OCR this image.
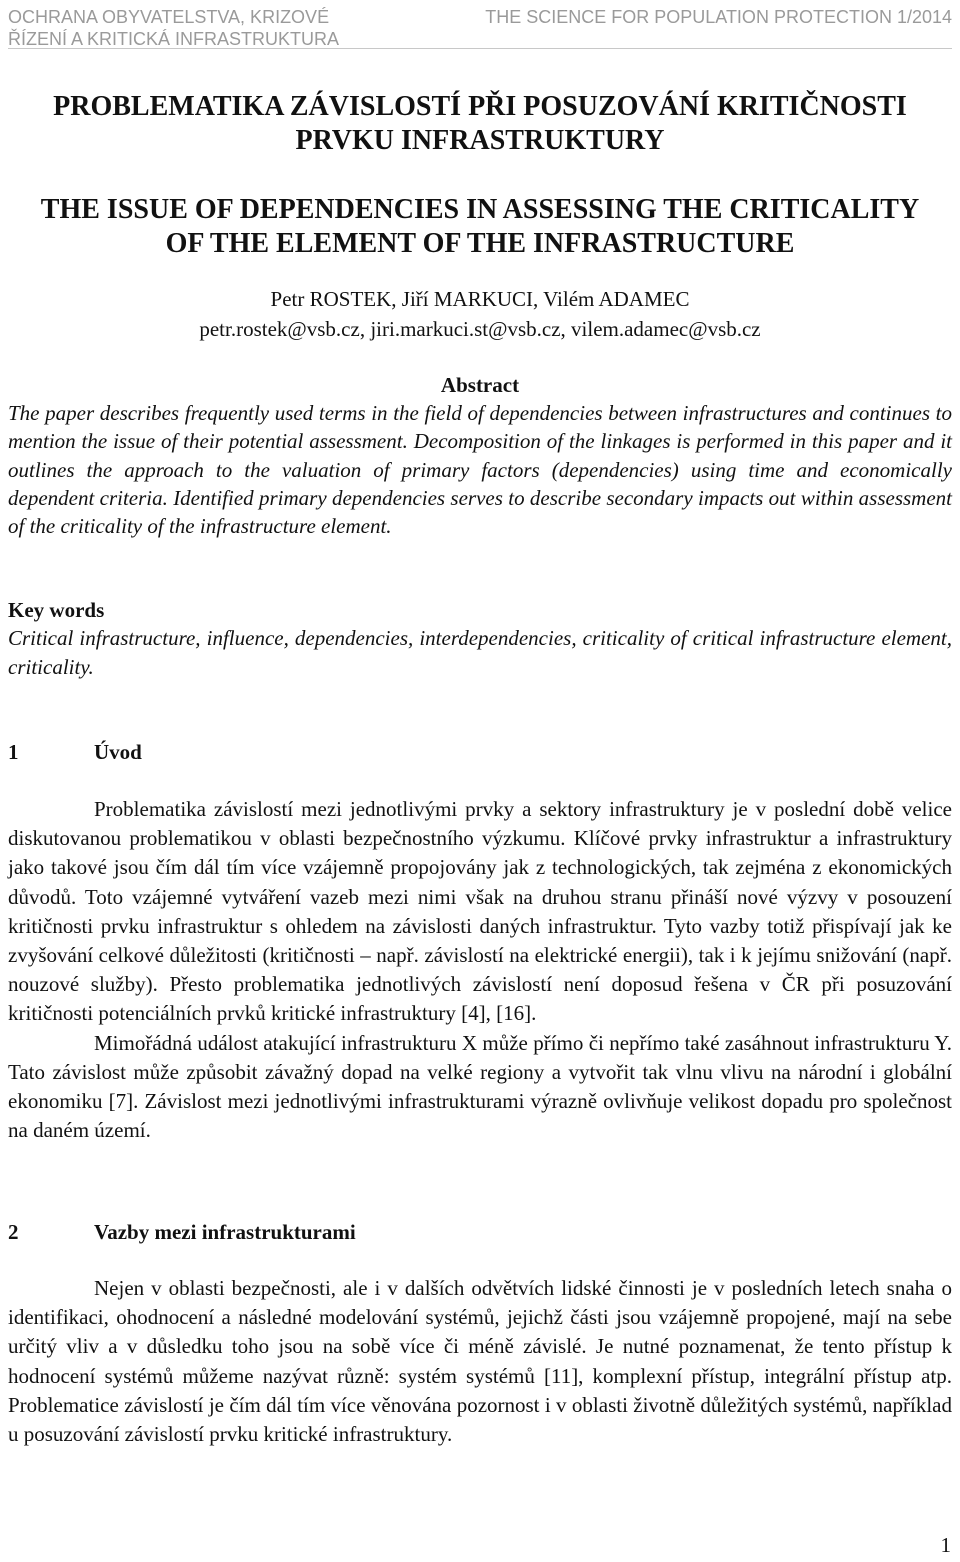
OCHRANA OBYVATELSTVA, KRIZOVÉ
ŘÍZENÍ A KRITICKÁ INFRASTRUKTURA
THE SCIENCE FOR POPULATION PROTECTION 1/2014
PROBLEMATIKA ZÁVISLOSTÍ PŘI POSUZOVÁNÍ KRITIČNOSTI
PRVKU INFRASTRUKTURY
THE ISSUE OF DEPENDENCIES IN ASSESSING THE CRITICALITY
OF THE ELEMENT OF THE INFRASTRUCTURE
Petr ROSTEK, Jiří MARKUCI, Vilém ADAMEC
petr.rostek@vsb.cz, jiri.markuci.st@vsb.cz, vilem.adamec@vsb.cz
Abstract

The paper describes frequently used terms in the field of dependencies between infrastructures and continues to mention the issue of their potential assessment. Decomposition of the linkages is performed in this paper and it outlines the approach to the valuation of primary factors (dependencies) using time and economically dependent criteria. Identified primary dependencies serves to describe secondary impacts out within assessment of the criticality of the infrastructure element.

Key words

Critical infrastructure, influence, dependencies, interdependencies, criticality of critical infrastructure element, criticality.

1	Úvod

Problematika závislostí mezi jednotlivými prvky a sektory infrastruktury je v poslední době velice diskutovanou problematikou v oblasti bezpečnostního výzkumu. Klíčové prvky infrastruktur a infrastruktury jako takové jsou čím dál tím více vzájemně propojovány jak z technologických, tak zejména z ekonomických důvodů. Toto vzájemné vytváření vazeb mezi nimi však na druhou stranu přináší nové výzvy v posouzení kritičnosti prvku infrastruktur s ohledem na závislosti daných infrastruktur. Tyto vazby totiž přispívají jak ke zvyšování celkové důležitosti (kritičnosti – např. závislostí na elektrické energii), tak i k jejímu snižování (např. nouzové služby). Přesto problematika jednotlivých závislostí není doposud řešena v ČR při posuzování kritičnosti potenciálních prvků kritické infrastruktury [4], [16].

Mimořádná událost atakující infrastrukturu X může přímo či nepřímo také zasáhnout infrastrukturu Y. Tato závislost může způsobit závažný dopad na velké regiony a vytvořit tak vlnu vlivu na národní i globální ekonomiku [7]. Závislost mezi jednotlivými infrastrukturami výrazně ovlivňuje velikost dopadu pro společnost na daném území.

2	Vazby mezi infrastrukturami

Nejen v oblasti bezpečnosti, ale i v dalších odvětvích lidské činnosti je v posledních letech snaha o identifikaci, ohodnocení a následné modelování systémů, jejichž části jsou vzájemně propojené, mají na sebe určitý vliv a v důsledku toho jsou na sobě více či méně závislé. Je nutné poznamenat, že tento přístup k hodnocení systémů můžeme nazývat různě: systém systémů [11], komplexní přístup, integrální přístup atp. Problematice závislostí je čím dál tím více věnována pozornost i v oblasti životně důležitých systémů, například u posuzování závislostí prvku kritické infrastruktury.

1
